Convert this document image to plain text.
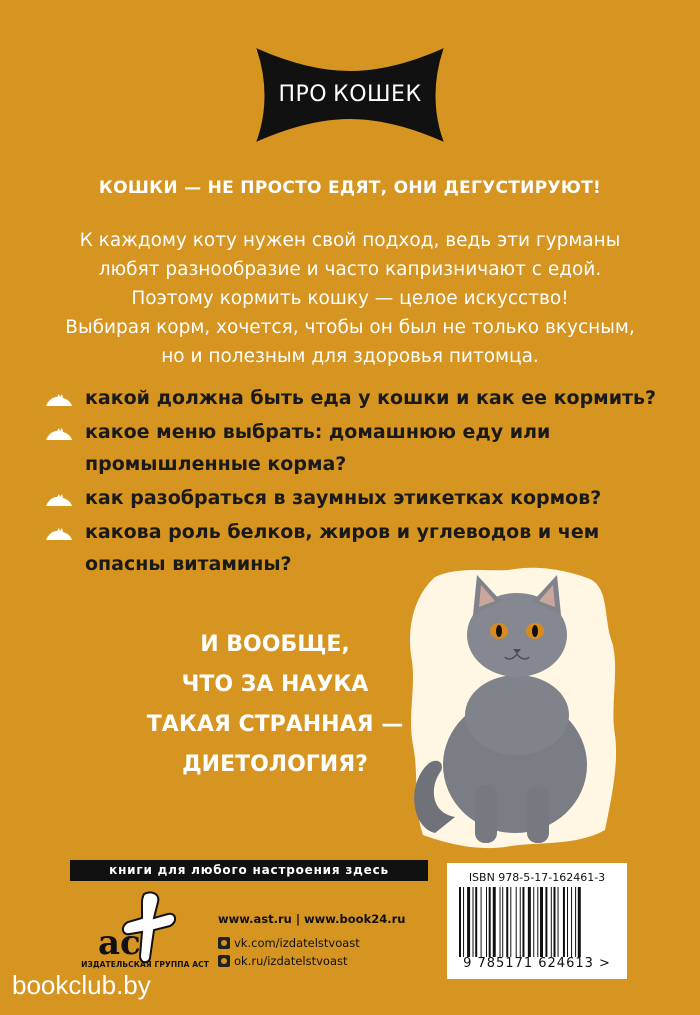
ПРО КОШЕК
КОШКИ — НЕ ПРОСТО ЕДЯТ, ОНИ ДЕГУСТИРУЮТ!
К каждому коту нужен свой подход, ведь эти гурманы
любят разнообразие и часто капризничают с едой.
Поэтому кормить кошку — целое искусство!
Выбирая корм, хочется, чтобы он был не только вкусным,
но и полезным для здоровья питомца.
какой должна быть еда у кошки и как ее кормить?
какое меню выбрать: домашнюю еду или
промышленные корма?
как разобраться в заумных этикетках кормов?
какова роль белков, жиров и углеводов и чем
опасны витамины?
И ВООБЩЕ,
ЧТО ЗА НАУКА
ТАКАЯ СТРАННАЯ —
ДИЕТОЛОГИЯ?
книги для любого настроения здесь
ac
ИЗДАТЕЛЬСКАЯ ГРУППА АСТ
www.ast.ru | www.book24.ru
vk.com/izdatelstvoast
ok.ru/izdatelstvoast
ISBN 978-5-17-162461-3
9 785171 624613 >
bookclub.by
